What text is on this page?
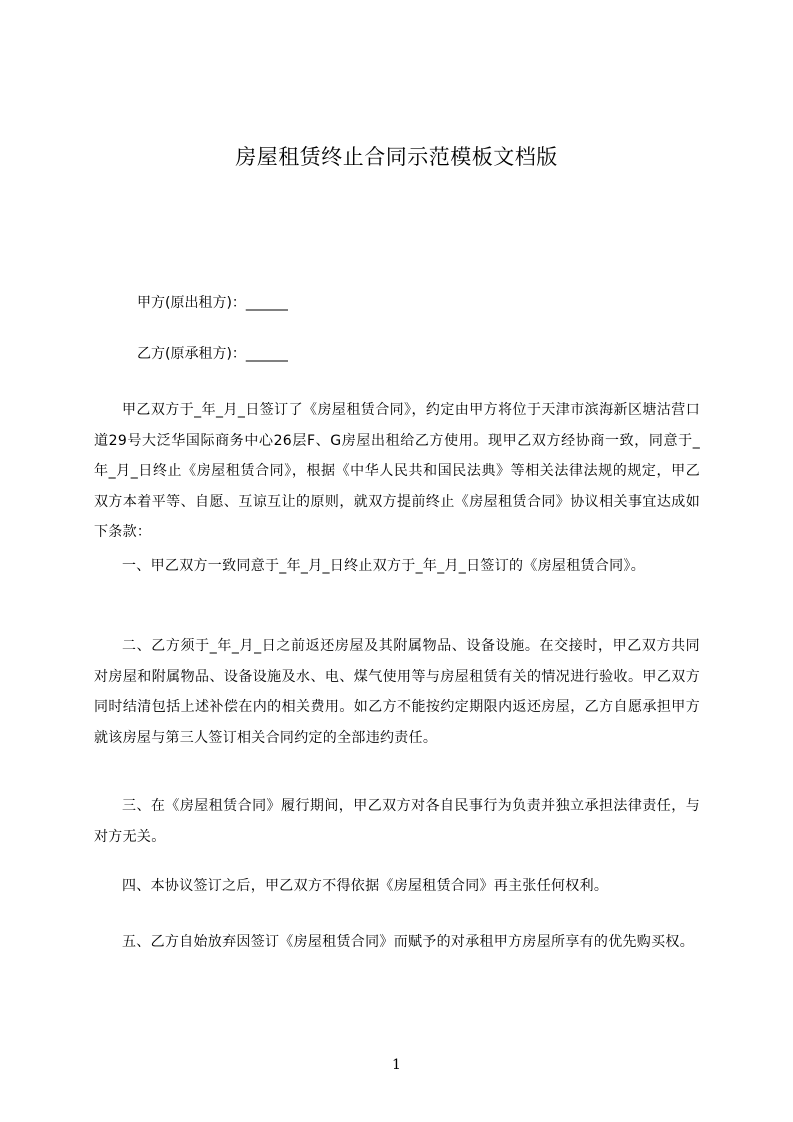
房屋租赁终止合同示范模板文档版
甲方(原出租方)：______
乙方(原承租方)：______
甲乙双方于_年_月_日签订了《房屋租赁合同》，约定由甲方将位于天津市滨海新区塘沽营口道29号大泛华国际商务中心26层F、G房屋出租给乙方使用。现甲乙双方经协商一致，同意于_年_月_日终止《房屋租赁合同》，根据《中华人民共和国民法典》等相关法律法规的规定，甲乙双方本着平等、自愿、互谅互让的原则，就双方提前终止《房屋租赁合同》协议相关事宜达成如下条款：
一、甲乙双方一致同意于_年_月_日终止双方于_年_月_日签订的《房屋租赁合同》。
二、乙方须于_年_月_日之前返还房屋及其附属物品、设备设施。在交接时，甲乙双方共同对房屋和附属物品、设备设施及水、电、煤气使用等与房屋租赁有关的情况进行验收。甲乙双方同时结清包括上述补偿在内的相关费用。如乙方不能按约定期限内返还房屋，乙方自愿承担甲方就该房屋与第三人签订相关合同约定的全部违约责任。
三、在《房屋租赁合同》履行期间，甲乙双方对各自民事行为负责并独立承担法律责任，与对方无关。
四、本协议签订之后，甲乙双方不得依据《房屋租赁合同》再主张任何权利。
五、乙方自始放弃因签订《房屋租赁合同》而赋予的对承租甲方房屋所享有的优先购买权。
1
